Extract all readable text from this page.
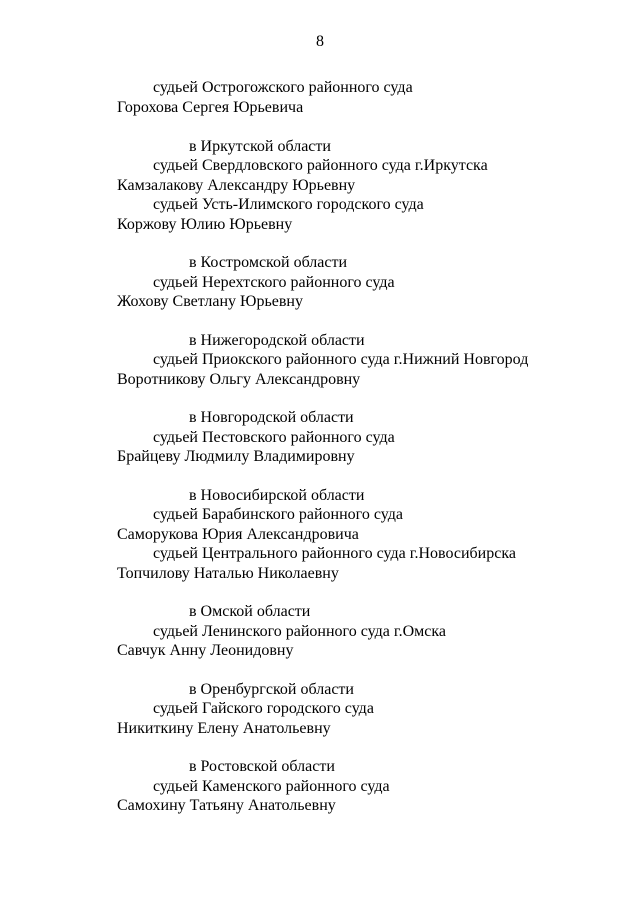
8
судьей Острогожского районного суда
Горохова Сергея Юрьевича
в Иркутской области
судьей Свердловского районного суда г.Иркутска
Камзалакову Александру Юрьевну
судьей Усть-Илимского городского суда
Коржову Юлию Юрьевну
в Костромской области
судьей Нерехтского районного суда
Жохову Светлану Юрьевну
в Нижегородской области
судьей Приокского районного суда г.Нижний Новгород
Воротникову Ольгу Александровну
в Новгородской области
судьей Пестовского районного суда
Брайцеву Людмилу Владимировну
в Новосибирской области
судьей Барабинского районного суда
Саморукова Юрия Александровича
судьей Центрального районного суда г.Новосибирска
Топчилову Наталью Николаевну
в Омской области
судьей Ленинского районного суда г.Омска
Савчук Анну Леонидовну
в Оренбургской области
судьей Гайского городского суда
Никиткину Елену Анатольевну
в Ростовской области
судьей Каменского районного суда
Самохину Татьяну Анатольевну
